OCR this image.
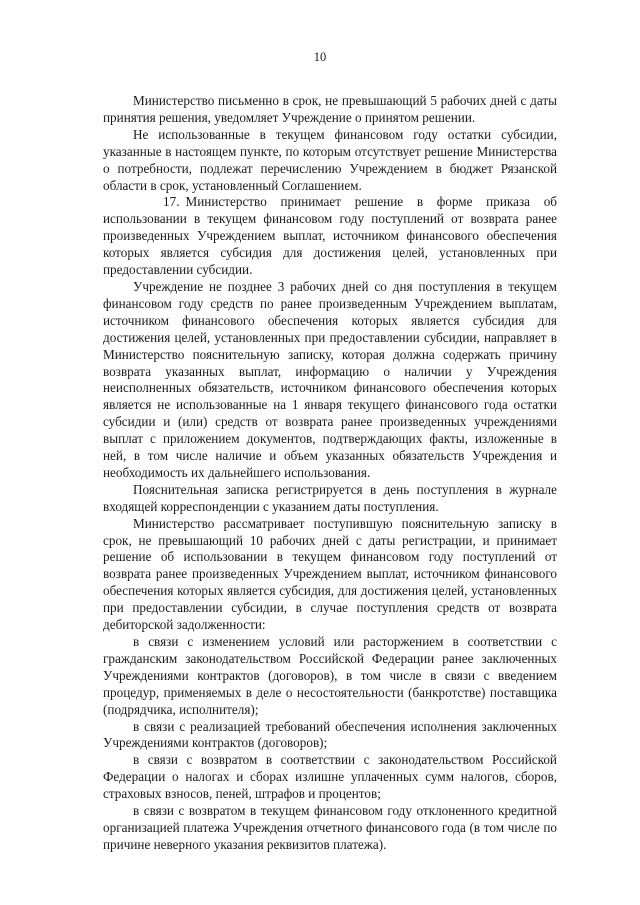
10

Министерство письменно в срок, не превышающий 5 рабочих дней с даты принятия решения, уведомляет Учреждение о принятом решении.

Не использованные в текущем финансовом году остатки субсидии, указанные в настоящем пункте, по которым отсутствует решение Министерства о потребности, подлежат перечислению Учреждением в бюджет Рязанской области в срок, установленный Соглашением.

17. Министерство принимает решение в форме приказа об использовании в текущем финансовом году поступлений от возврата ранее произведенных Учреждением выплат, источником финансового обеспечения которых является субсидия для достижения целей, установленных при предоставлении субсидии.

Учреждение не позднее 3 рабочих дней со дня поступления в текущем финансовом году средств по ранее произведенным Учреждением выплатам, источником финансового обеспечения которых является субсидия для достижения целей, установленных при предоставлении субсидии, направляет в Министерство пояснительную записку, которая должна содержать причину возврата указанных выплат, информацию о наличии у Учреждения неисполненных обязательств, источником финансового обеспечения которых является не использованные на 1 января текущего финансового года остатки субсидии и (или) средств от возврата ранее произведенных учреждениями выплат с приложением документов, подтверждающих факты, изложенные в ней, в том числе наличие и объем указанных обязательств Учреждения и необходимость их дальнейшего использования.

Пояснительная записка регистрируется в день поступления в журнале входящей корреспонденции с указанием даты поступления.

Министерство рассматривает поступившую пояснительную записку в срок, не превышающий 10 рабочих дней с даты регистрации, и принимает решение об использовании в текущем финансовом году поступлений от возврата ранее произведенных Учреждением выплат, источником финансового обеспечения которых является субсидия, для достижения целей, установленных при предоставлении субсидии, в случае поступления средств от возврата дебиторской задолженности:

в связи с изменением условий или расторжением в соответствии с гражданским законодательством Российской Федерации ранее заключенных Учреждениями контрактов (договоров), в том числе в связи с введением процедур, применяемых в деле о несостоятельности (банкротстве) поставщика (подрядчика, исполнителя);

в связи с реализацией требований обеспечения исполнения заключенных Учреждениями контрактов (договоров);

в связи с возвратом в соответствии с законодательством Российской Федерации о налогах и сборах излишне уплаченных сумм налогов, сборов, страховых взносов, пеней, штрафов и процентов;

в связи с возвратом в текущем финансовом году отклоненного кредитной организацией платежа Учреждения отчетного финансового года (в том числе по причине неверного указания реквизитов платежа).
